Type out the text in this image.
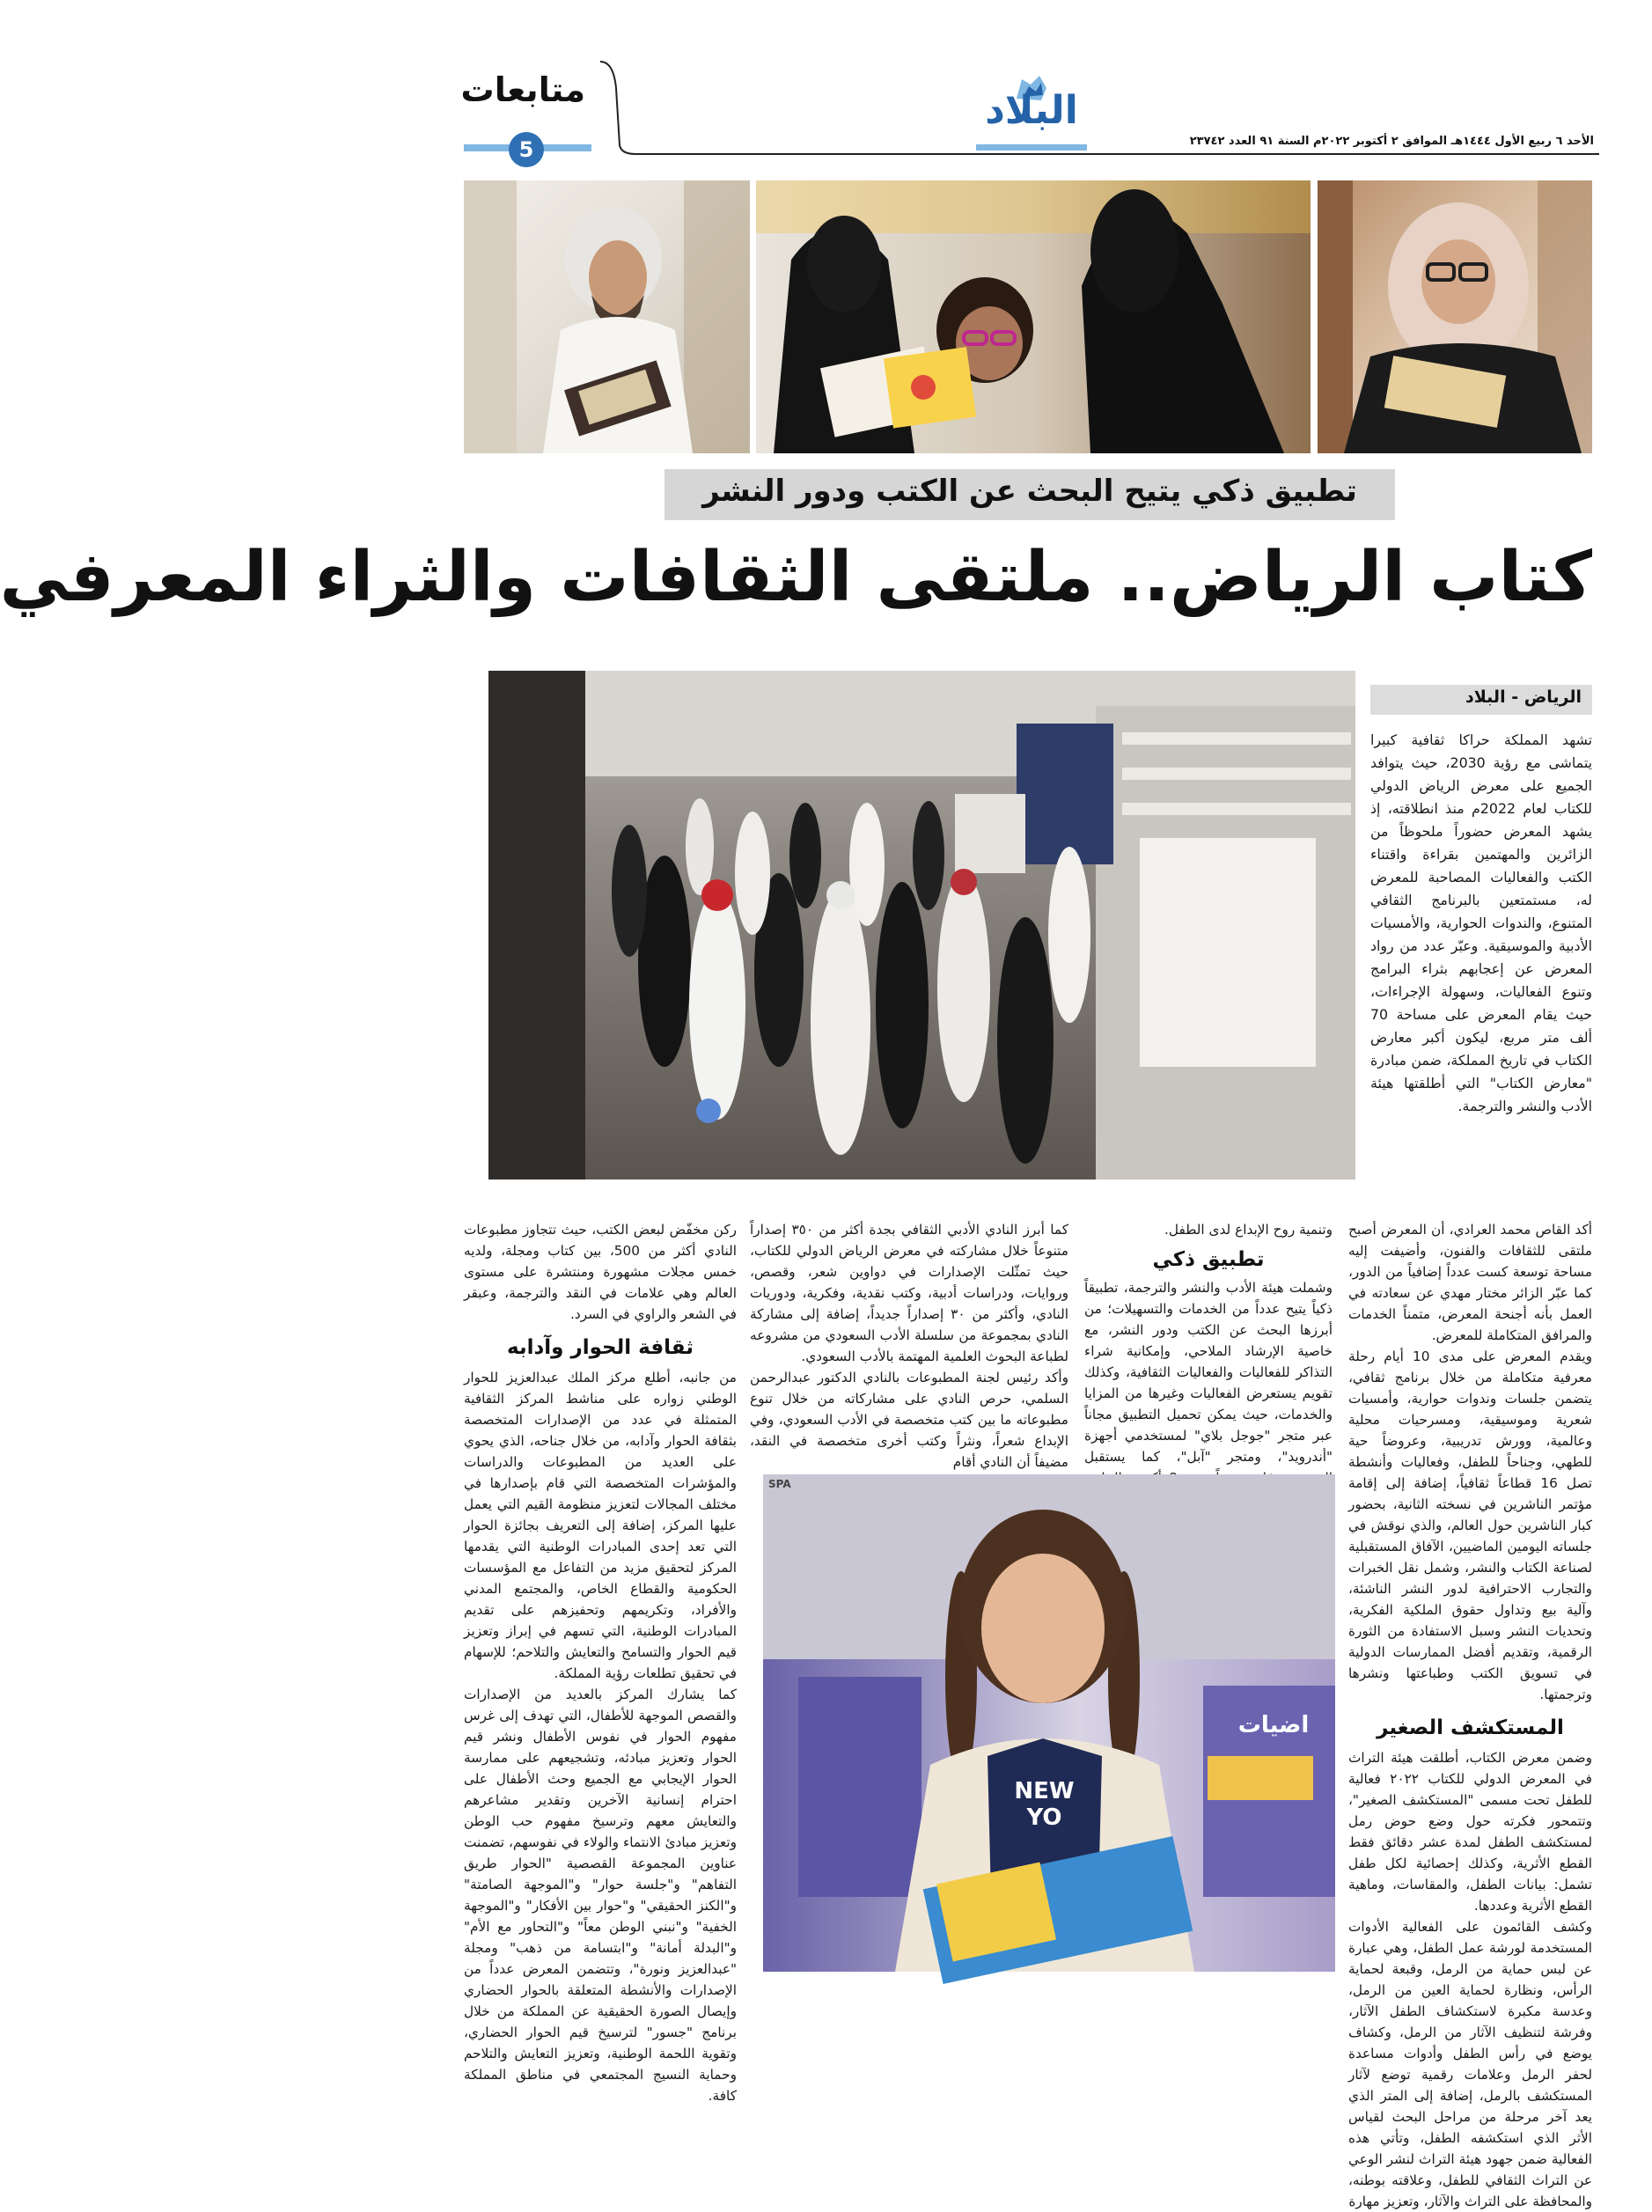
متابعات
5
البلاد
الأحد ٦ ربيع الأول ١٤٤٤هـ الموافق ٢ أكتوبر ٢٠٢٢م السنة ٩١ العدد ٢٣٧٤٢
تطبيق ذكي يتيح البحث عن الكتب ودور النشر
كتاب الرياض.. ملتقى الثقافات والثراء المعرفي
الرياض - البلاد

تشهد المملكة حراكا ثقافية كبيرا يتماشى مع رؤية 2030، حيث يتوافد الجميع على معرض الرياض الدولي للكتاب لعام 2022م منذ انطلاقته، إذ يشهد المعرض حضوراً ملحوظاً من الزائرين والمهتمين بقراءة واقتناء الكتب والفعاليات المصاحبة للمعرض له، مستمتعين بالبرنامج الثقافي المتنوع، والندوات الحوارية، والأمسيات الأدبية والموسيقية. وعبّر عدد من رواد المعرض عن إعجابهم بثراء البرامج وتنوع الفعاليات، وسهولة الإجراءات، حيث يقام المعرض على مساحة 70 ألف متر مربع، ليكون أكبر معارض الكتاب في تاريخ المملكة، ضمن مبادرة "معارض الكتاب" التي أطلقتها هيئة الأدب والنشر والترجمة.

أكد القاص محمد العرادي، أن المعرض أصبح ملتقى للثقافات والفنون، وأضيفت إليه مساحة توسعة كست عدداً إضافياً من الدور، كما عبّر الزائر مختار مهدي عن سعادته في العمل بأنه أجنحة المعرض، متمناً الخدمات والمرافق المتكاملة للمعرض.

ويقدم المعرض على مدى 10 أيام رحلة معرفية متكاملة من خلال برنامج ثقافي، يتضمن جلسات وندوات حوارية، وأمسيات شعرية وموسيقية، ومسرحيات محلية وعالمية، وورش تدريبية، وعروضاً حية للطهي، وجناحاً للطفل، وفعاليات وأنشطة تصل 16 قطاعاً ثقافياً، إضافة إلى إقامة مؤتمر الناشرين في نسخته الثانية، بحضور كبار الناشرين حول العالم، والذي نوقش في جلساته اليومين الماضيين، الآفاق المستقبلية لصناعة الكتاب والنشر، وشمل نقل الخبرات والتجارب الاحترافية لدور النشر الناشئة، وآلية بيع وتداول حقوق الملكية الفكرية، وتحديات النشر وسبل الاستفادة من الثورة الرقمية، وتقديم أفضل الممارسات الدولية في تسويق الكتب وطباعتها ونشرها وترجمتها.

المستكشف الصغير

وضمن معرض الكتاب، أطلقت هيئة التراث في المعرض الدولي للكتاب ٢٠٢٢ فعالية للطفل تحت مسمى "المستكشف الصغير"، وتتمحور فكرته حول وضع حوض رمل لمستكشف الطفل لمدة عشر دقائق فقط القطع الأثرية، وكذلك إحصائية لكل طفل تشمل: بيانات الطفل، والمقاسات، وماهية القطع الأثرية وعددها.

وكشف القائمون على الفعالية الأدوات المستخدمة لورشة عمل الطفل، وهي عبارة عن لبس حماية من الرمل، وقبعة لحماية الرأس، ونظارة لحماية العين من الرمل، وعدسة مكبرة لاستكشاف الطفل الآثار، وفرشة لتنظيف الآثار من الرمل، وكشاف يوضع في رأس الطفل وأدوات مساعدة لحفر الرمل وعلامات رقمية توضع لآثار المستكشف بالرمل، إضافة إلى المتر الذي يعد آخر مرحلة من مراحل البحث لقياس الأثر الذي استكشفه الطفل، وتأتي هذه الفعالية ضمن جهود هيئة التراث لنشر الوعي عن التراث الثقافي للطفل، وعلاقته بوطنه، والمحافظة على التراث والآثار، وتعزيز مهارة

وتنمية روح الإبداع لدى الطفل.

تطبيق ذكي

وشملت هيئة الأدب والنشر والترجمة، تطبيقاً ذكياً يتيح عدداً من الخدمات والتسهيلات؛ من أبرزها البحث عن الكتب ودور النشر، مع خاصية الإرشاد الملاحي، وإمكانية شراء التذاكر للفعاليات والفعاليات الثقافية، وكذلك تقويم يستعرض الفعاليات وغيرها من المزايا والخدمات، حيث يمكن تحميل التطبيق مجاناً عبر متجر "جوجل بلاي" لمستخدمي أجهزة "أندرويد"، ومتجر "آبل"، كما يستقبل

كما أبرز النادي الأدبي الثقافي بجدة أكثر من ٣٥٠ إصداراً متنوعاً خلال مشاركته في معرض الرياض الدولي للكتاب، حيث تمثّلت الإصدارات في دواوين شعر، وقصص، وروايات، ودراسات أدبية، وكتب نقدية، وفكرية، ودوريات النادي، وأكثر من ٣٠ إصداراً جديداً، إضافة إلى مشاركة النادي بمجموعة من سلسلة الأدب السعودي من مشروعه لطباعة البحوث العلمية المهتمة بالأدب السعودي.

وأكد رئيس لجنة المطبوعات بالنادي الدكتور عبدالرحمن السلمي، حرص النادي على مشاركاته من خلال تنوع مطبوعاته ما بين كتب متخصصة في الأدب السعودي، وفي الإبداع شعراً، ونثراً وكتب أخرى متخصصة في النقد، مضيفاً أن النادي أقام

ركن مخفّض لبعض الكتب، حيث تتجاوز مطبوعات النادي أكثر من 500، بين كتاب ومجلة، ولديه خمس مجلات مشهورة ومنتشرة على مستوى العالم وهي علامات في النقد والترجمة، وعبقر في الشعر والراوي في السرد.

ثقافة الحوار وآدابه

من جانبه، أطلع مركز الملك عبدالعزيز للحوار الوطني زواره على مناشط المركز الثقافية المتمثلة في عدد من الإصدارات المتخصصة بثقافة الحوار وآدابه، من خلال جناحه، الذي يحوي على العديد من المطبوعات والدراسات والمؤشرات المتخصصة التي قام بإصدارها في مختلف المجالات لتعزيز منظومة القيم التي يعمل عليها المركز، إضافة إلى التعريف بجائزة الحوار التي تعد إحدى المبادرات الوطنية التي يقدمها المركز لتحقيق مزيد من التفاعل مع المؤسسات الحكومية والقطاع الخاص، والمجتمع المدني والأفراد، وتكريمهم وتحفيزهم على تقديم المبادرات الوطنية، التي تسهم في إبراز وتعزيز قيم الحوار والتسامح والتعايش والتلاحم؛ للإسهام في تحقيق تطلعات رؤية المملكة.

كما يشارك المركز بالعديد من الإصدارات والقصص الموجهة للأطفال، التي تهدف إلى غرس مفهوم الحوار في نفوس الأطفال ونشر قيم الحوار وتعزيز مبادئه، وتشجيعهم على ممارسة الحوار الإيجابي مع الجميع وحث الأطفال على احترام إنسانية الآخرين وتقدير مشاعرهم والتعايش معهم وترسيخ مفهوم حب الوطن وتعزيز مبادئ الانتماء والولاء في نفوسهم، تضمنت عناوين المجموعة القصصية "الحوار طريق التفاهم" و"جلسة حوار" و"الموجهة الصامتة" و"الكنز الحقيقي" و"حوار بين الأفكار" و"الموجهة الخفية" و"نبني الوطن معاً" و"التحاور مع الأم" و"البدلة أمانة" و"ابتسامة من ذهب" ومجلة "عبدالعزيز ونورة"، وتتضمن المعرض عدداً من الإصدارات والأنشطة المتعلقة بالحوار الحضاري وإيصال الصورة الحقيقية عن المملكة من خلال برنامج "جسور" لترسيخ قيم الحوار الحضاري، وتقوية اللحمة الوطنية، وتعزيز التعايش والتلاحم وحماية النسيج المجتمعي في مناطق المملكة كافة.

اضيات
NEW YO
SPA
